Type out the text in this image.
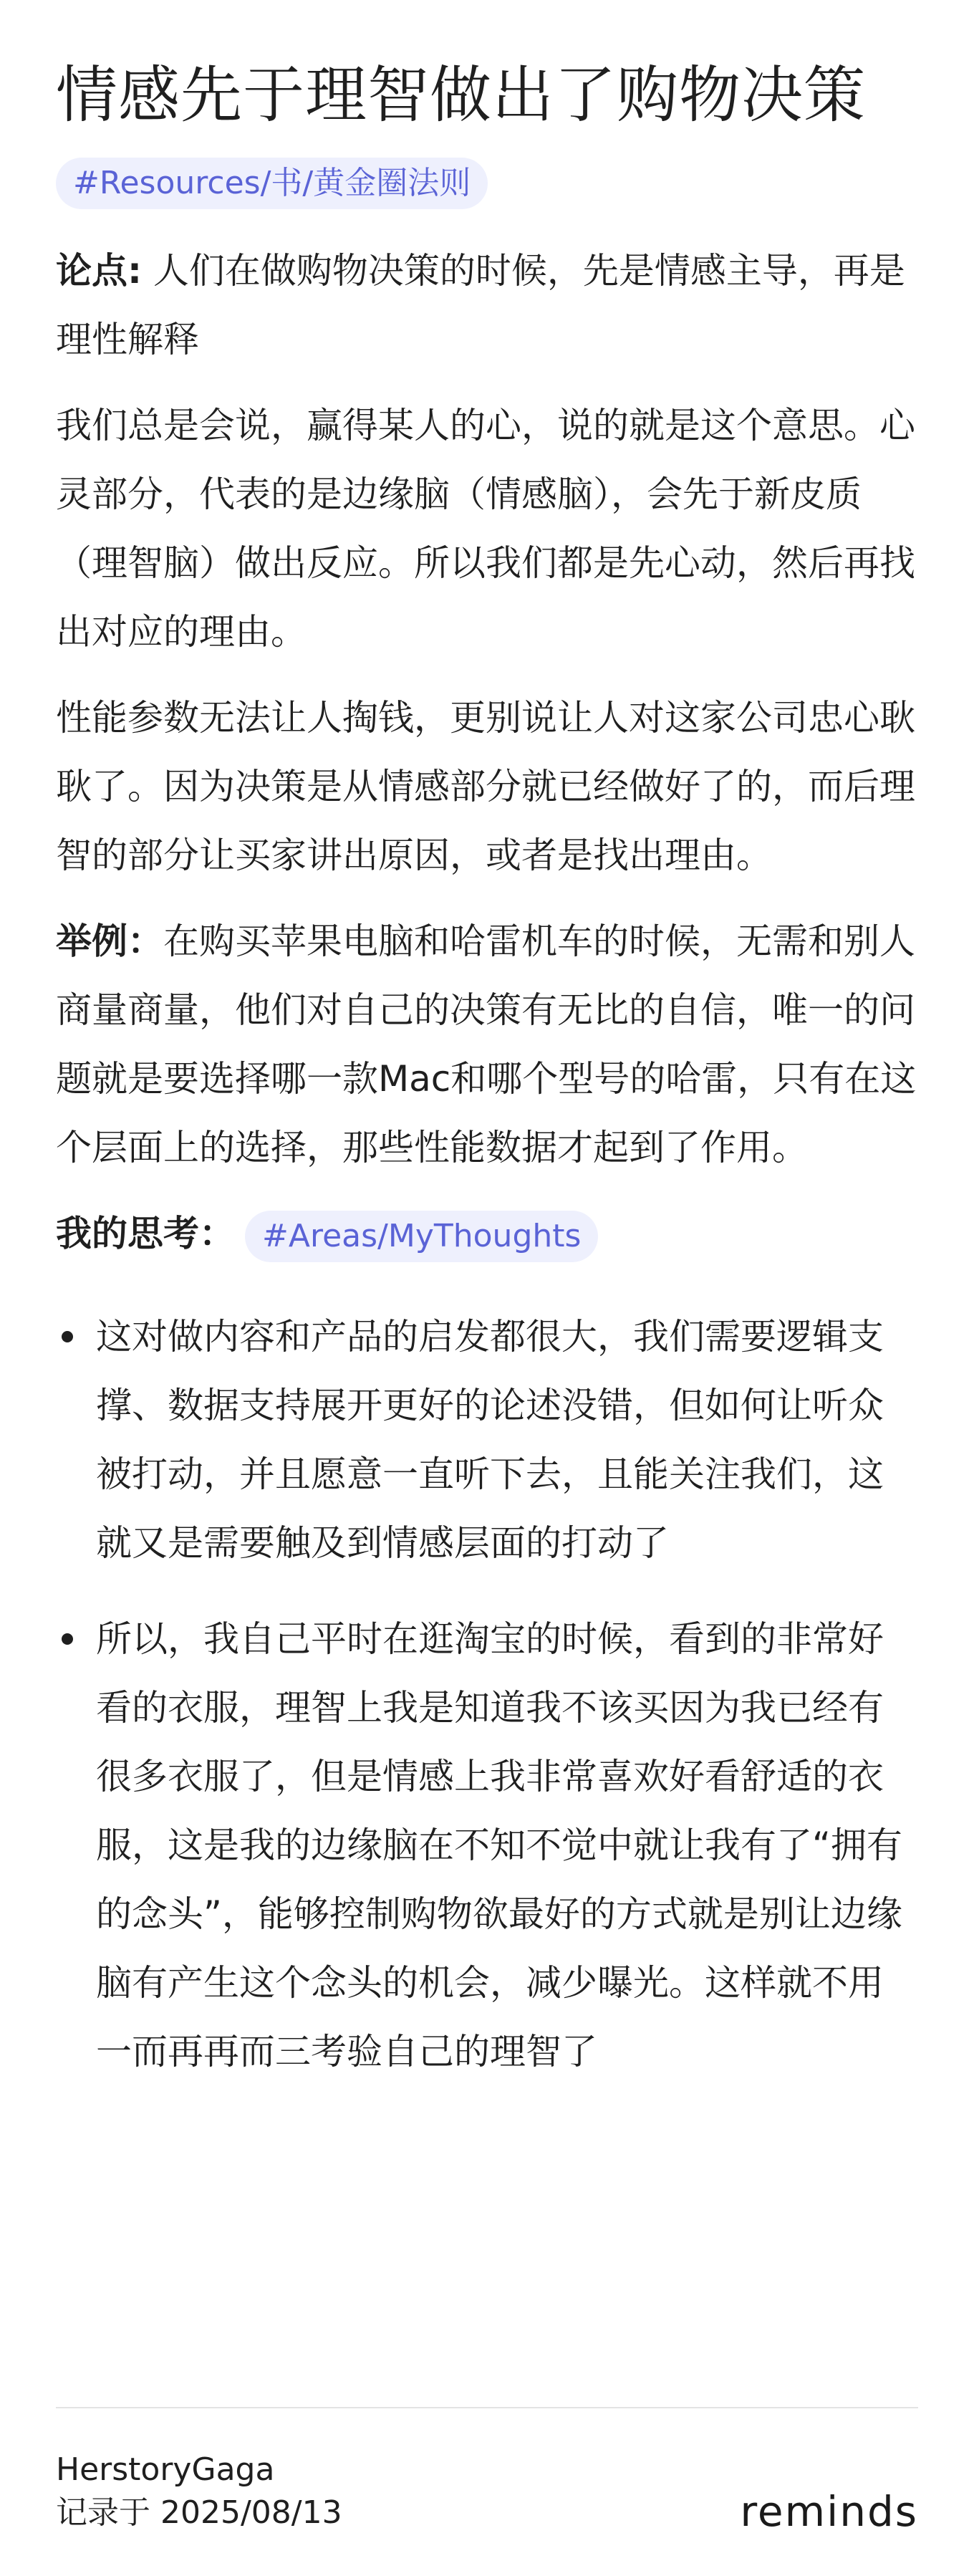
情感先于理智做出了购物决策
#Resources/书/黄金圈法则

论点: 人们在做购物决策的时候，先是情感主导，再是理性解释

我们总是会说，赢得某人的心，说的就是这个意思。心灵部分，代表的是边缘脑（情感脑），会先于新皮质（理智脑）做出反应。所以我们都是先心动，然后再找出对应的理由。

性能参数无法让人掏钱，更别说让人对这家公司忠心耿耿了。因为决策是从情感部分就已经做好了的，而后理智的部分让买家讲出原因，或者是找出理由。

举例：在购买苹果电脑和哈雷机车的时候，无需和别人商量商量，他们对自己的决策有无比的自信，唯一的问题就是要选择哪一款Mac和哪个型号的哈雷，只有在这个层面上的选择，那些性能数据才起到了作用。

我的思考： #Areas/MyThoughts
这对做内容和产品的启发都很大，我们需要逻辑支撑、数据支持展开更好的论述没错，但如何让听众被打动，并且愿意一直听下去，且能关注我们，这就又是需要触及到情感层面的打动了
所以，我自己平时在逛淘宝的时候，看到的非常好看的衣服，理智上我是知道我不该买因为我已经有很多衣服了，但是情感上我非常喜欢好看舒适的衣服，这是我的边缘脑在不知不觉中就让我有了“拥有的念头”，能够控制购物欲最好的方式就是别让边缘脑有产生这个念头的机会，减少曝光。这样就不用一而再再而三考验自己的理智了
HerstoryGaga
记录于 2025/08/13	reminds
